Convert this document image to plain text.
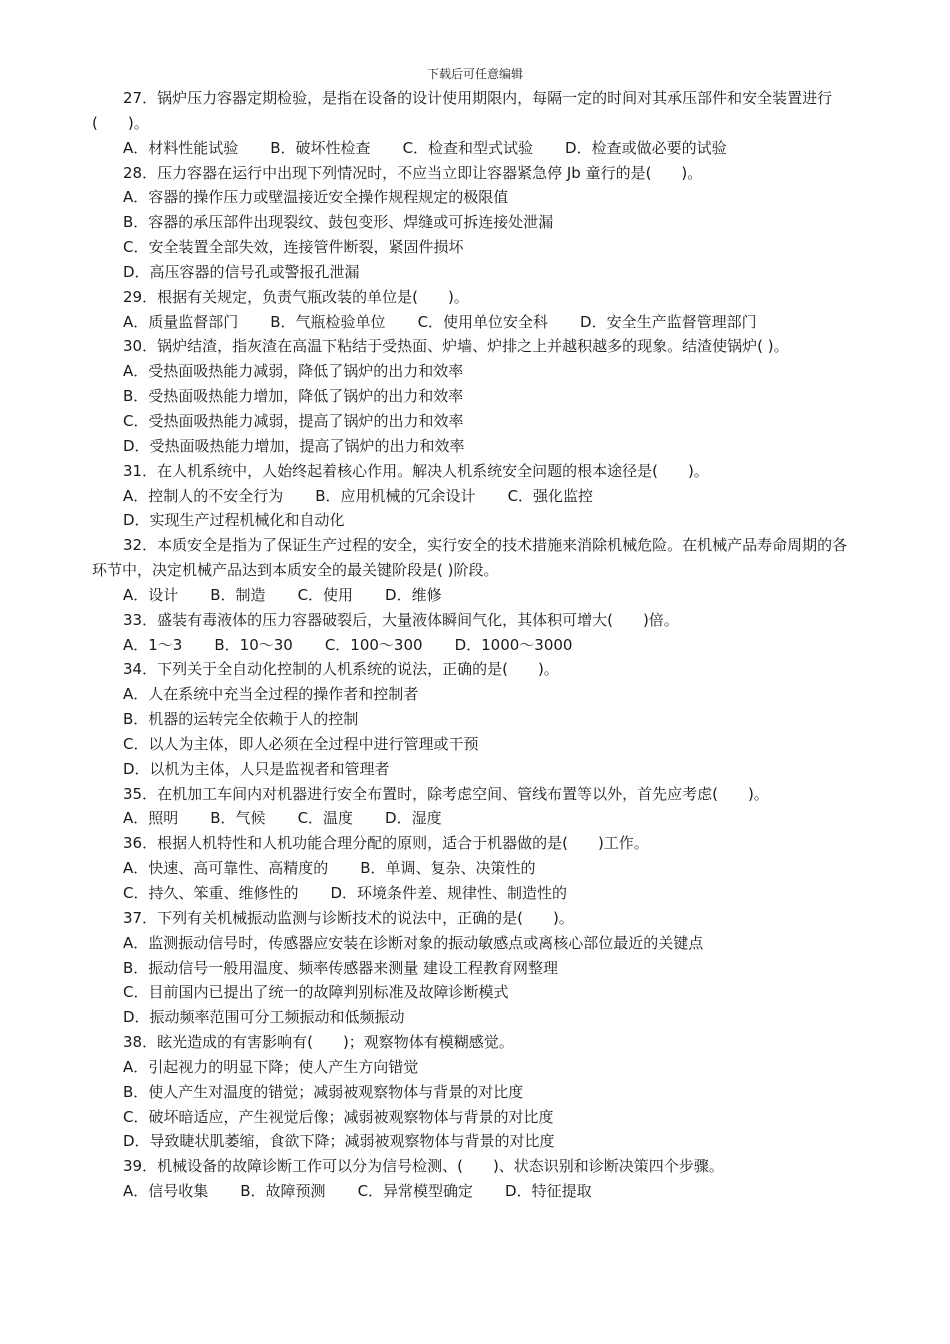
下载后可任意编辑
27．锅炉压力容器定期检验，是指在设备的设计使用期限内，每隔一定的时间对其承压部件和安全装置进行(　　)。
A．材料性能试验 B．破坏性检查 C．检查和型式试验 D．检查或做必要的试验
28．压力容器在运行中出现下列情况时，不应当立即让容器紧急停 Jb 童行的是(　　)。
A．容器的操作压力或壁温接近安全操作规程规定的极限值
B．容器的承压部件出现裂纹、鼓包变形、焊缝或可拆连接处泄漏
C．安全装置全部失效，连接管件断裂，紧固件损坏
D．高压容器的信号孔或警报孔泄漏
29．根据有关规定，负责气瓶改装的单位是(　　)。
A．质量监督部门 B．气瓶检验单位 C．使用单位安全科 D．安全生产监督管理部门
30．锅炉结渣，指灰渣在高温下粘结于受热面、炉墙、炉排之上并越积越多的现象。结渣使锅炉( )。
A．受热面吸热能力减弱，降低了锅炉的出力和效率
B．受热面吸热能力增加，降低了锅炉的出力和效率
C．受热面吸热能力减弱，提高了锅炉的出力和效率
D．受热面吸热能力增加，提高了锅炉的出力和效率
31．在人机系统中，人始终起着核心作用。解决人机系统安全问题的根本途径是(　　)。
A．控制人的不安全行为 B．应用机械的冗余设计 C．强化监控
D．实现生产过程机械化和自动化
32．本质安全是指为了保证生产过程的安全，实行安全的技术措施来消除机械危险。在机械产品寿命周期的各环节中，决定机械产品达到本质安全的最关键阶段是( )阶段。
A．设计 B．制造 C．使用 D．维修
33．盛装有毒液体的压力容器破裂后，大量液体瞬间气化，其体积可增大(　　)倍。
A．1～3 B．10～30 C．100～300 D．1000～3000
34．下列关于全自动化控制的人机系统的说法，正确的是(　　)。
A．人在系统中充当全过程的操作者和控制者
B．机器的运转完全依赖于人的控制
C．以人为主体，即人必须在全过程中进行管理或干预
D．以机为主体，人只是监视者和管理者
35．在机加工车间内对机器进行安全布置时，除考虑空间、管线布置等以外，首先应考虑(　　)。
A．照明 B．气候 C．温度 D．湿度
36．根据人机特性和人机功能合理分配的原则，适合于机器做的是(　　)工作。
A．快速、高可靠性、高精度的 B．单调、复杂、决策性的
C．持久、笨重、维修性的 D．环境条件差、规律性、制造性的
37．下列有关机械振动监测与诊断技术的说法中，正确的是(　　)。
A．监测振动信号时，传感器应安装在诊断对象的振动敏感点或离核心部位最近的关键点
B．振动信号一般用温度、频率传感器来测量 建设工程教育网整理
C．目前国内已提出了统一的故障判别标准及故障诊断模式
D．振动频率范围可分工频振动和低频振动
38．眩光造成的有害影响有(　　)；观察物体有模糊感觉。
A．引起视力的明显下降；使人产生方向错觉
B．使人产生对温度的错觉；减弱被观察物体与背景的对比度
C．破坏暗适应，产生视觉后像；减弱被观察物体与背景的对比度
D．导致睫状肌萎缩，食欲下降；减弱被观察物体与背景的对比度
39．机械设备的故障诊断工作可以分为信号检测、(　　)、状态识别和诊断决策四个步骤。
A．信号收集 B．故障预测 C．异常模型确定 D．特征提取
